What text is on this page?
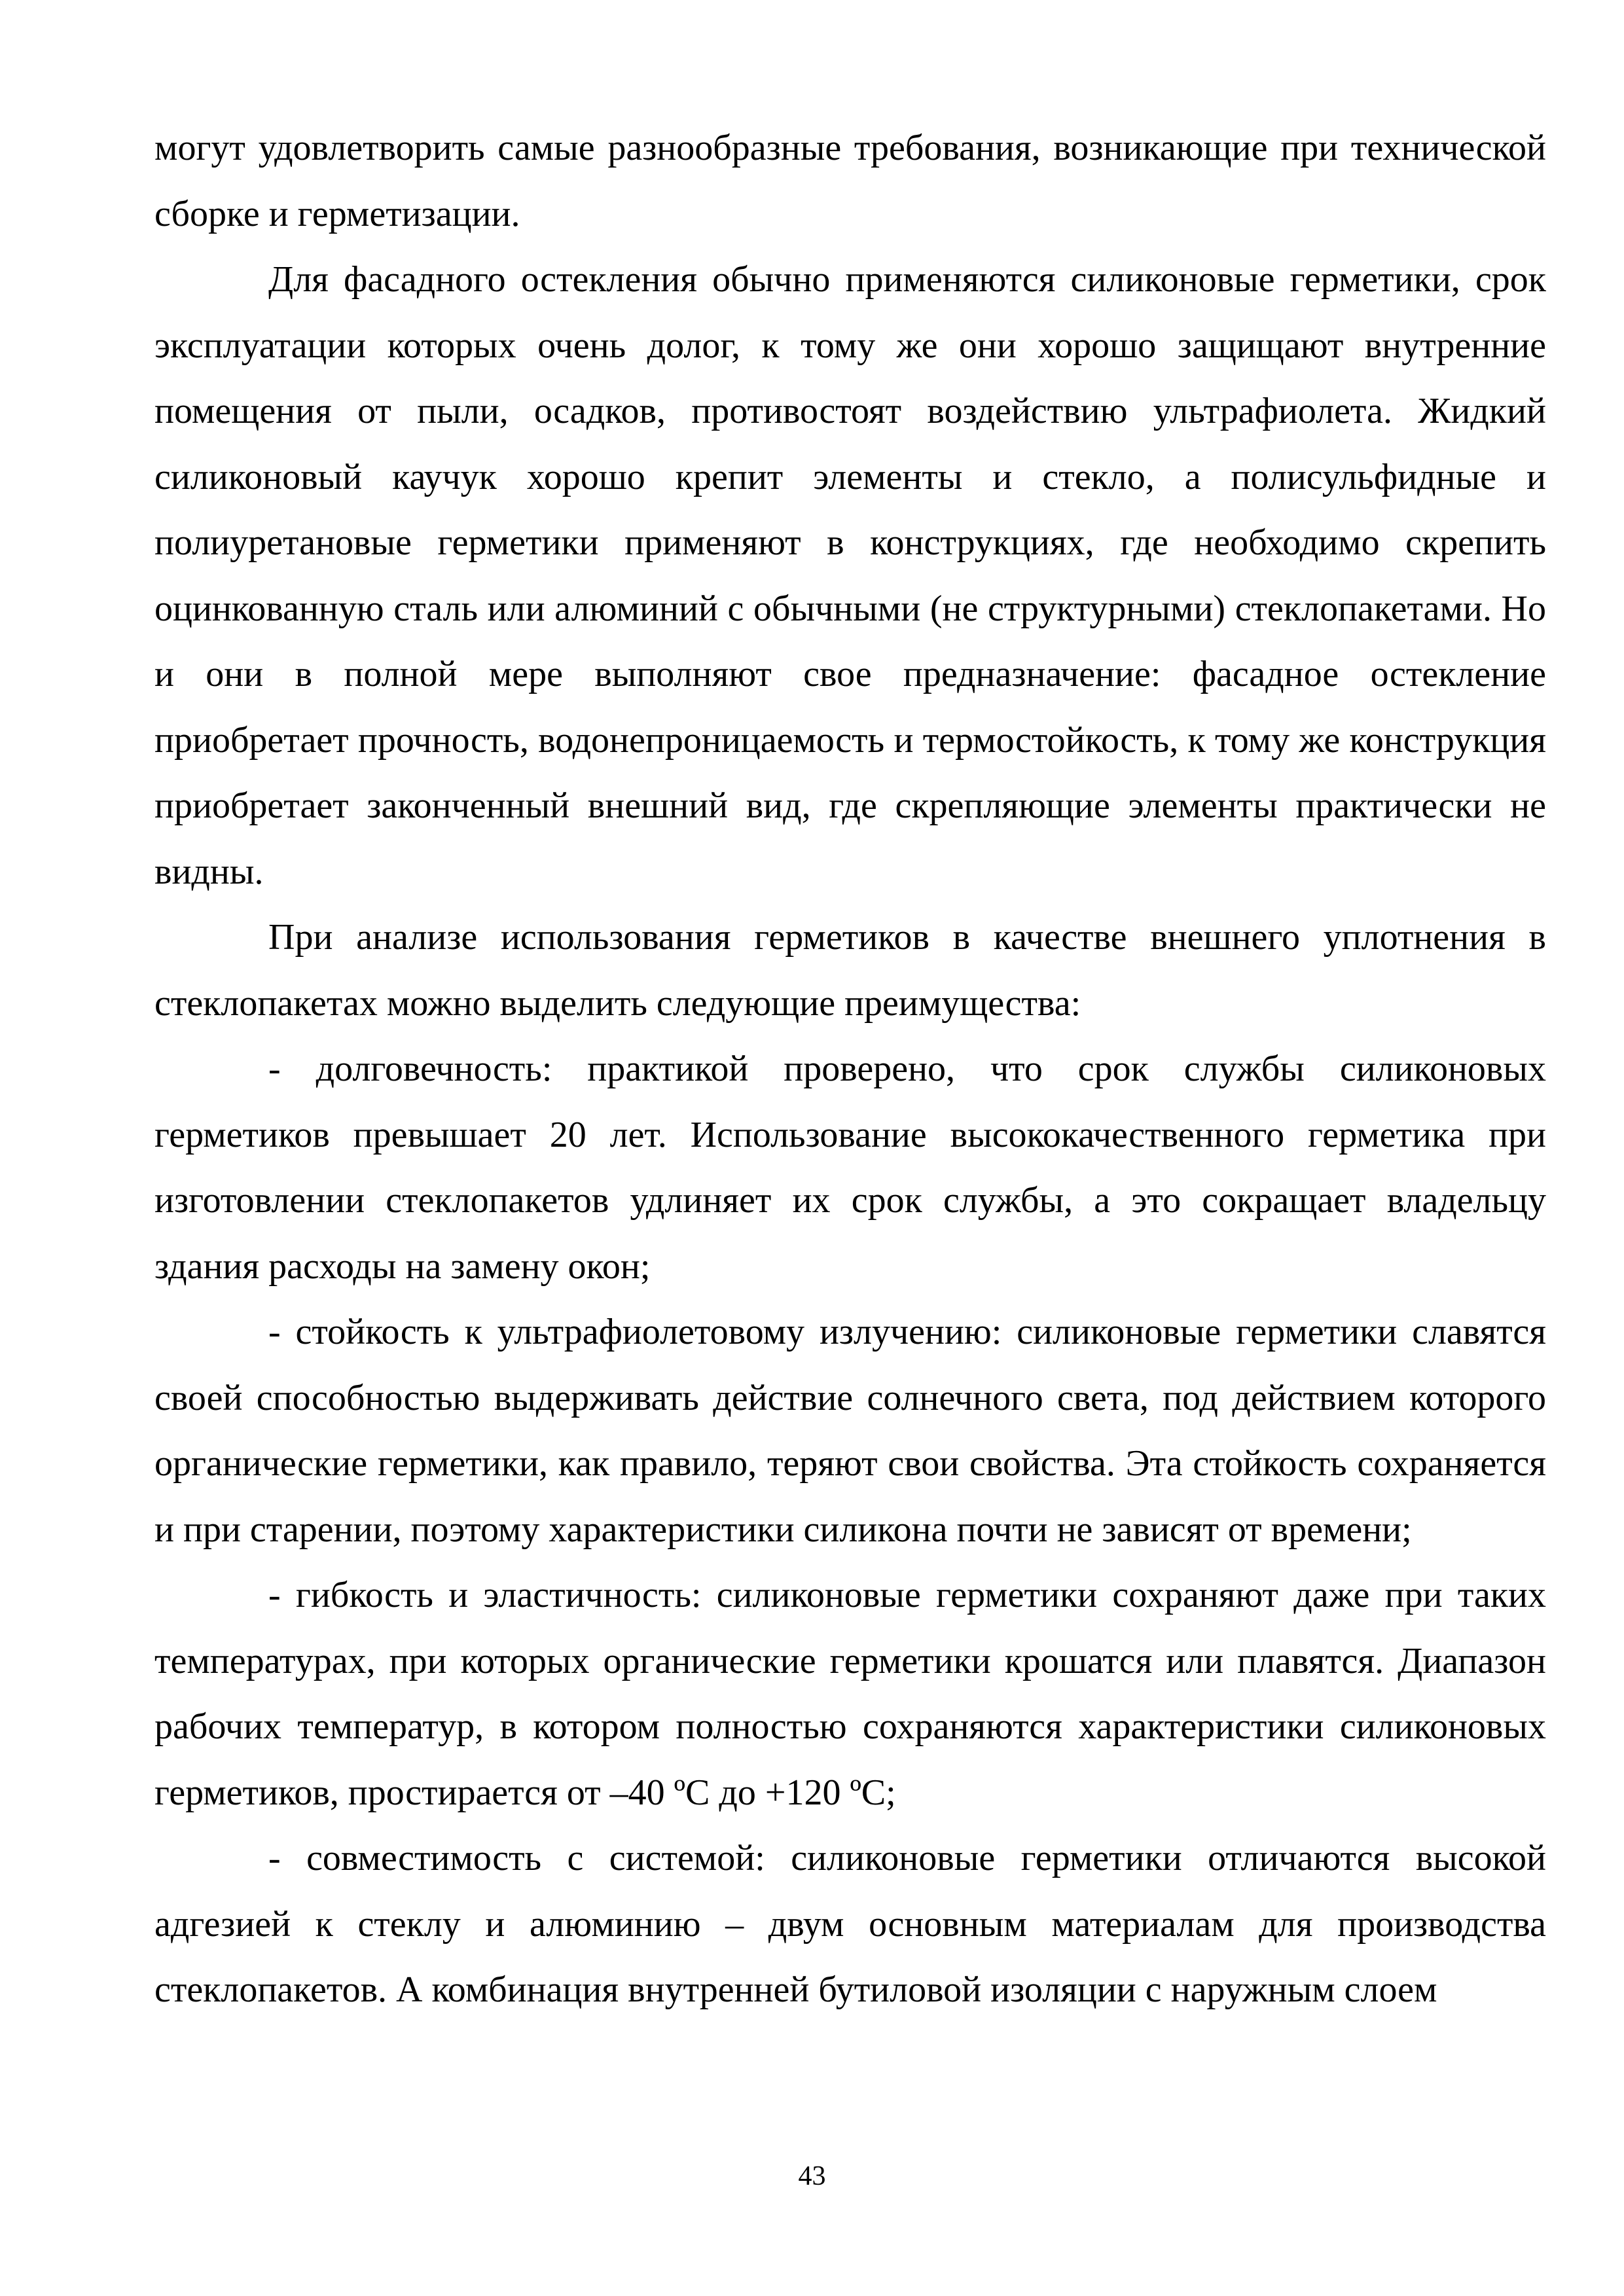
могут удовлетворить самые разнообразные требования, возникающие при технической сборке и герметизации.

Для фасадного остекления обычно применяются силиконовые герметики, срок эксплуатации которых очень долог, к тому же они хорошо защищают внутренние помещения от пыли, осадков, противостоят воздействию ультрафиолета. Жидкий силиконовый каучук хорошо крепит элементы и стекло, а полисульфидные и полиуретановые герметики применяют в конструкциях, где необходимо скрепить оцинкованную сталь или алюминий с обычными (не структурными) стеклопакетами. Но и они в полной мере выполняют свое предназначение: фасадное остекление приобретает прочность, водонепроницаемость и термостойкость, к тому же конструкция приобретает законченный внешний вид, где скрепляющие элементы практически не видны.

При анализе использования герметиков в качестве внешнего уплотнения в стеклопакетах можно выделить следующие преимущества:

- долговечность: практикой проверено, что срок службы силиконовых герметиков превышает 20 лет. Использование высококачественного герметика при изготовлении стеклопакетов удлиняет их срок службы, а это сокращает владельцу здания расходы на замену окон;

- стойкость к ультрафиолетовому излучению: силиконовые герметики славятся своей способностью выдерживать действие солнечного света, под действием которого органические герметики, как правило, теряют свои свойства. Эта стойкость сохраняется и при старении, поэтому характеристики силикона почти не зависят от времени;

- гибкость и эластичность: силиконовые герметики сохраняют даже при таких температурах, при которых органические герметики крошатся или плавятся. Диапазон рабочих температур, в котором полностью сохраняются характеристики силиконовых герметиков, простирается от –40 ºС до +120 ºС;

- совместимость с системой: силиконовые герметики отличаются высокой адгезией к стеклу и алюминию – двум основным материалам для производства стеклопакетов. А комбинация внутренней бутиловой изоляции с наружным слоем

43
